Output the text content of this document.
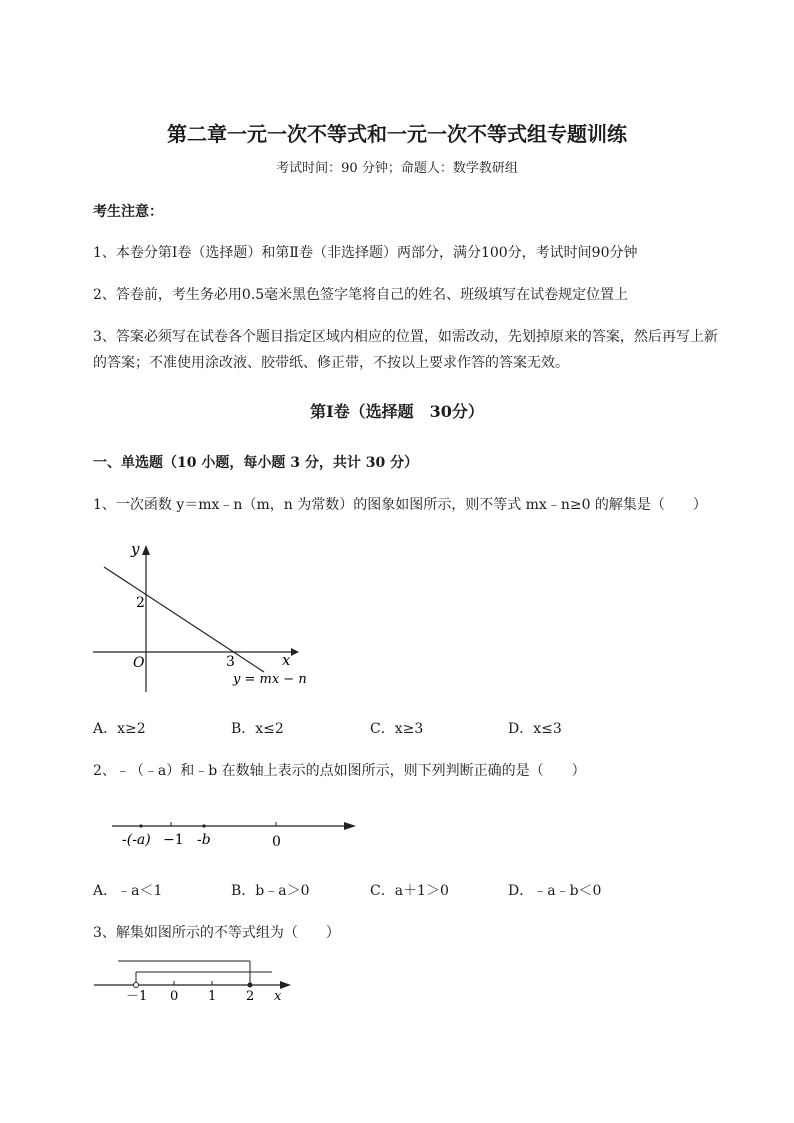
第二章一元一次不等式和一元一次不等式组专题训练
考试时间：90 分钟；命题人：数学教研组
考生注意：
1、本卷分第Ⅰ卷（选择题）和第Ⅱ卷（非选择题）两部分，满分100分，考试时间90分钟
2、答卷前，考生务必用0.5毫米黑色签字笔将自己的姓名、班级填写在试卷规定位置上
3、答案必须写在试卷各个题目指定区域内相应的位置，如需改动，先划掉原来的答案，然后再写上新
的答案；不准使用涂改液、胶带纸、修正带，不按以上要求作答的答案无效。
第Ⅰ卷（选择题　30分）
一、单选题（10 小题，每小题 3 分，共计 30 分）
1、一次函数 y＝mx﹣n（m，n 为常数）的图象如图所示，则不等式 mx﹣n≥0 的解集是（　　）
y
x
O
2
3
y = mx − n
A．x≥2	B．x≤2	C．x≥3	D．x≤3
2、﹣（﹣a）和﹣b 在数轴上表示的点如图所示，则下列判断正确的是（　　）
-(-a) −1 -b	0
A．﹣a＜1	B．b﹣a＞0	C．a＋1＞0	D．﹣a﹣b＜0
3、解集如图所示的不等式组为（　　）
－1 0 1 2 x
